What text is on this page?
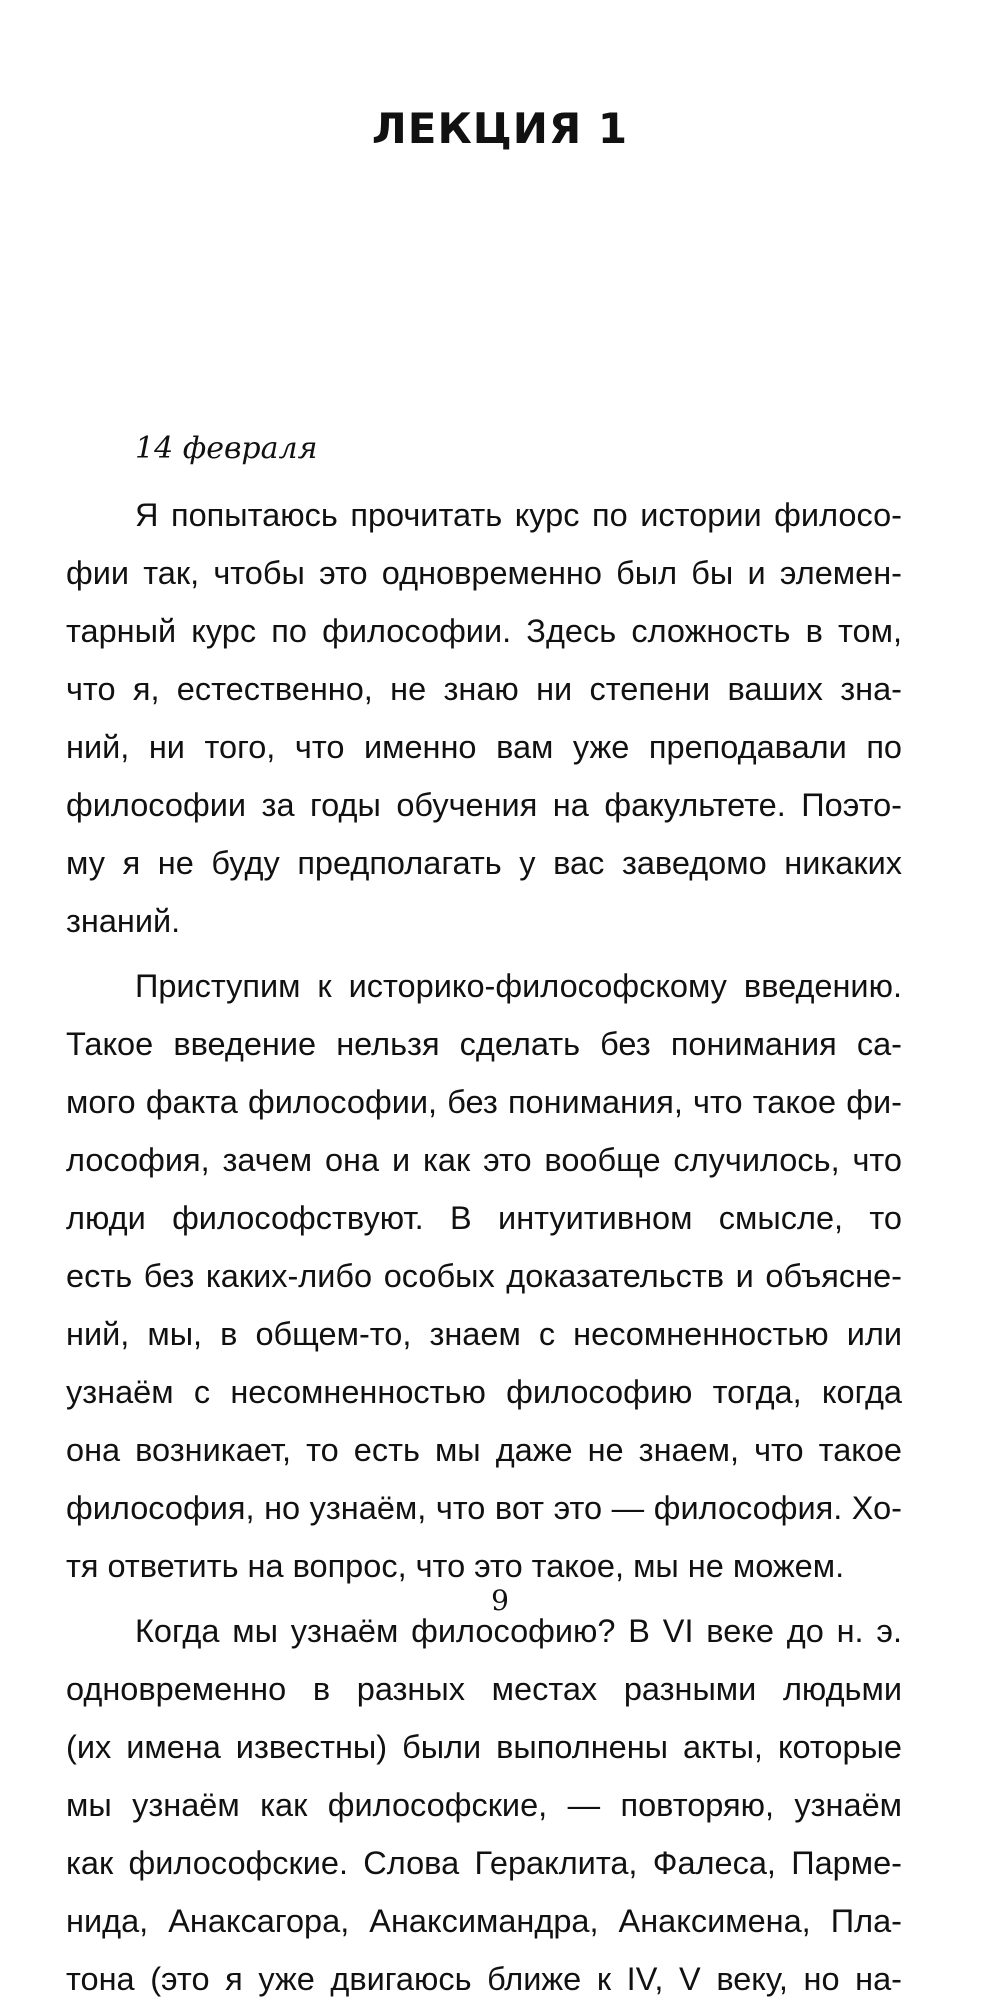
ЛЕКЦИЯ 1
14 февраля
Я попытаюсь прочитать курс по истории филосо-
фии так, чтобы это одновременно был бы и элемен-
тарный курс по философии. Здесь сложность в том,
что я, естественно, не знаю ни степени ваших зна-
ний, ни того, что именно вам уже преподавали по
философии за годы обучения на факультете. Поэто-
му я не буду предполагать у вас заведомо никаких
знаний.
Приступим к историко-философскому введению.
Такое введение нельзя сделать без понимания са-
мого факта философии, без понимания, что такое фи-
лософия, зачем она и как это вообще случилось, что
люди философствуют. В интуитивном смысле, то
есть без каких-либо особых доказательств и объясне-
ний, мы, в общем-то, знаем с несомненностью или
узнаём с несомненностью философию тогда, когда
она возникает, то есть мы даже не знаем, что такое
философия, но узнаём, что вот это — философия. Хо-
тя ответить на вопрос, что это такое, мы не можем.
Когда мы узнаём философию? В VI веке до н. э.
одновременно в разных местах разными людьми
(их имена известны) были выполнены акты, которые
мы узнаём как философские, — повторяю, узнаём
как философские. Слова Гераклита, Фалеса, Парме-
нида, Анаксагора, Анаксимандра, Анаксимена, Пла-
тона (это я уже двигаюсь ближе к IV, V веку, но на-
9
